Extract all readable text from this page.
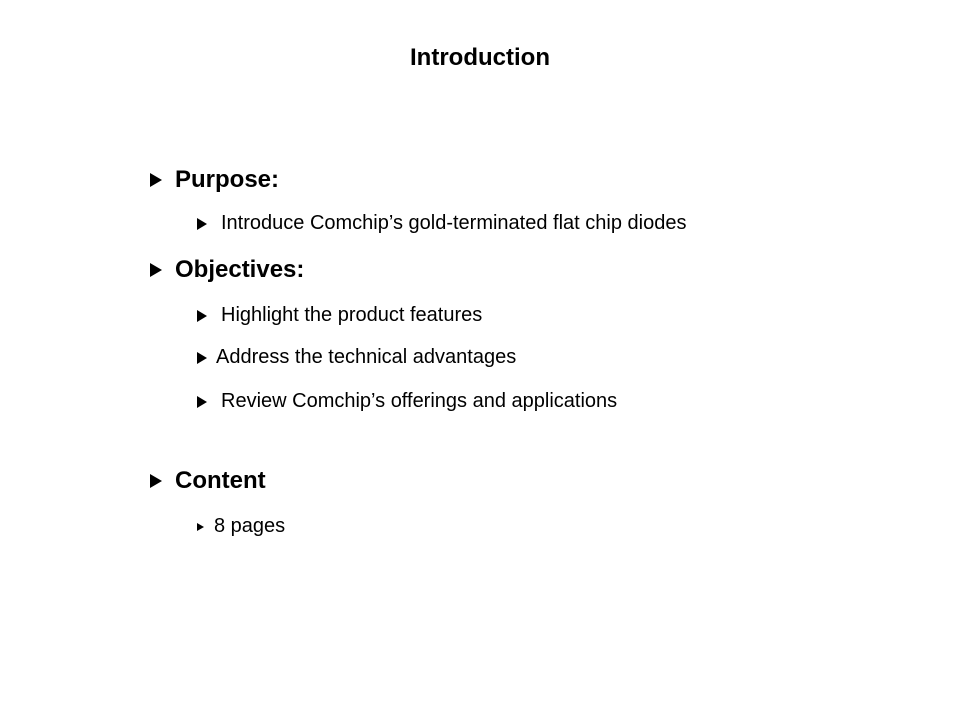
Introduction
Purpose:
Introduce Comchip’s gold-terminated flat chip diodes
Objectives:
Highlight the product features
Address the technical advantages
Review Comchip’s offerings and applications
Content
8 pages
